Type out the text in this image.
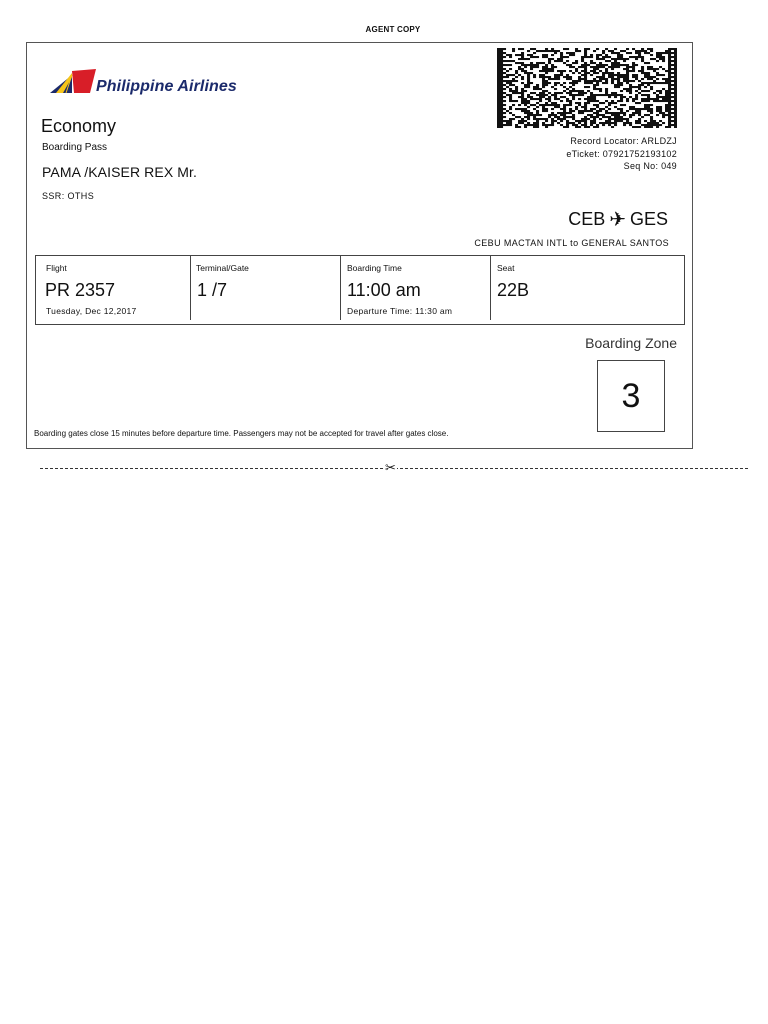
AGENT COPY
Philippine Airlines
Economy
Boarding Pass
PAMA /KAISER REX Mr.
SSR: OTHS
Record Locator: ARLDZJ
eTicket: 07921752193102
Seq No: 049
CEB ✈ GES
CEBU MACTAN INTL to GENERAL SANTOS
Flight
PR 2357
Tuesday, Dec 12,2017
Terminal/Gate
1 /7
Boarding Time
11:00 am
Departure Time: 11:30 am
Seat
22B
Boarding Zone
3
Boarding gates close 15 minutes before departure time. Passengers may not be accepted for travel after gates close.
✂
